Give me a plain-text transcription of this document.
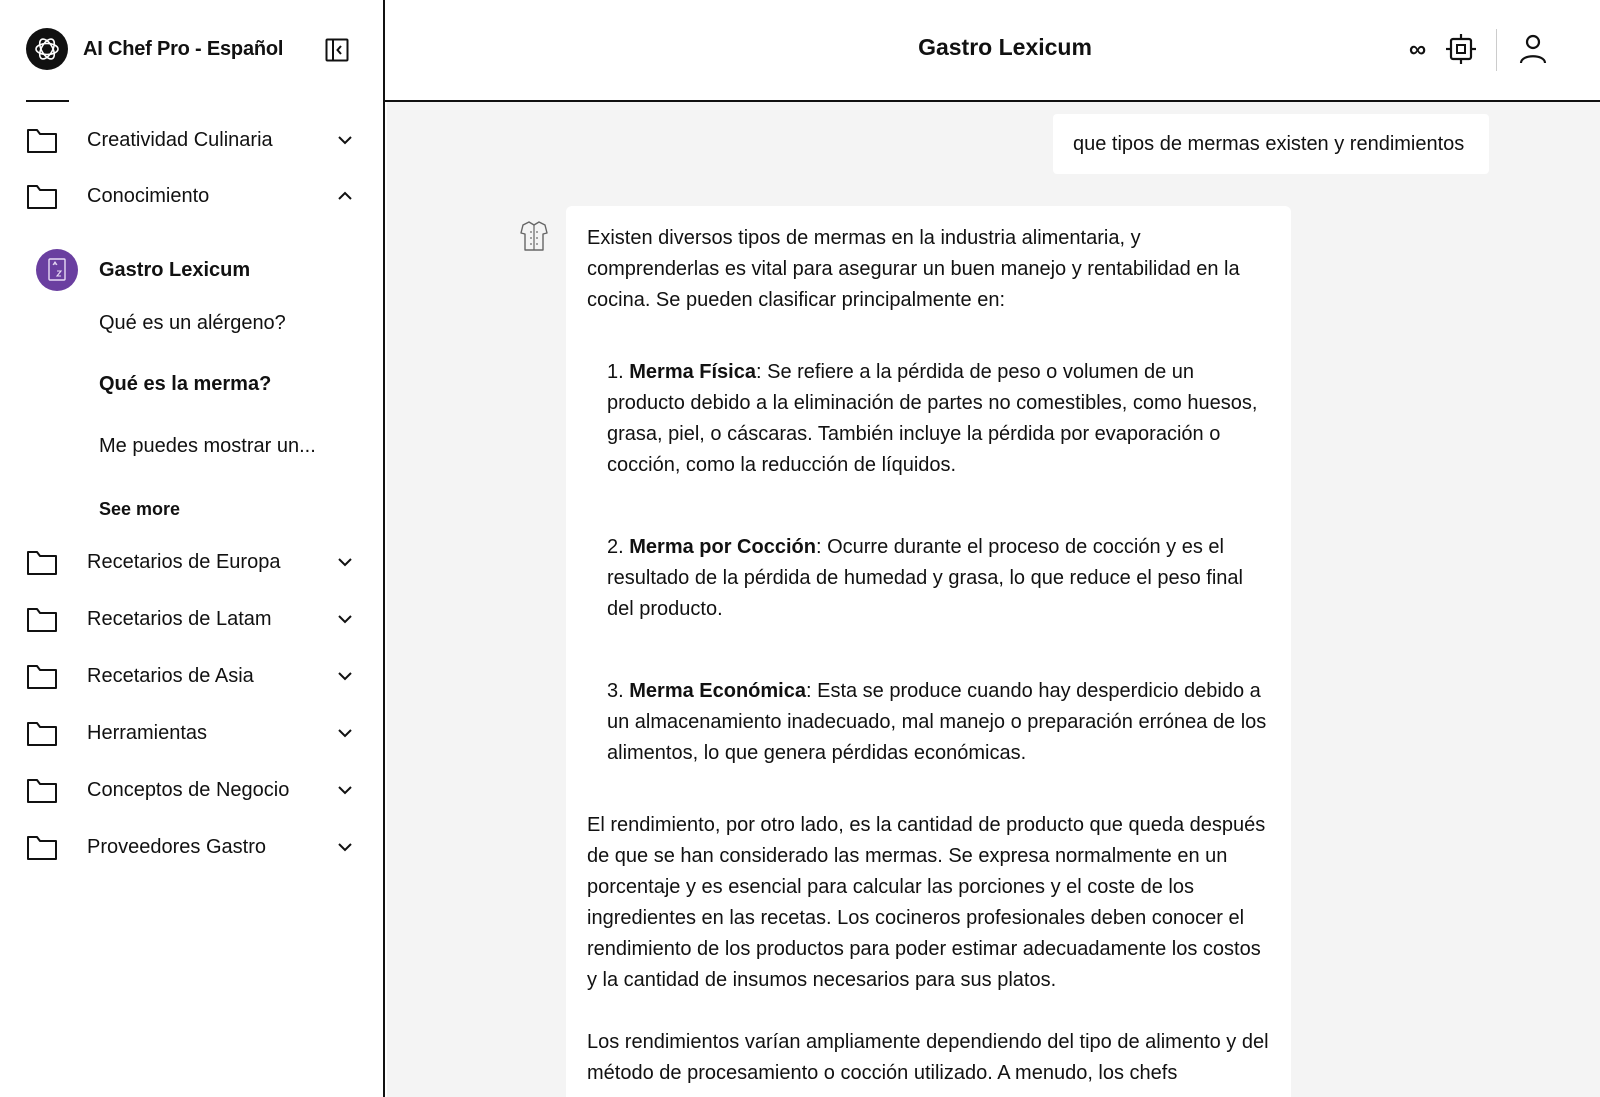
AI Chef Pro - Español
Creatividad Culinaria
Conocimiento
Gastro Lexicum
Qué es un alérgeno?
Qué es la merma?
Me puedes mostrar un...
See more
Recetarios de Europa
Recetarios de Latam
Recetarios de Asia
Herramientas
Conceptos de Negocio
Proveedores Gastro
Gastro Lexicum	∞
que tipos de mermas existen y rendimientos

Existen diversos tipos de mermas en la industria alimentaria, y comprenderlas es vital para asegurar un buen manejo y rentabilidad en la cocina. Se pueden clasificar principalmente en:

1. Merma Física: Se refiere a la pérdida de peso o volumen de un producto debido a la eliminación de partes no comestibles, como huesos, grasa, piel, o cáscaras. También incluye la pérdida por evaporación o cocción, como la reducción de líquidos.
2. Merma por Cocción: Ocurre durante el proceso de cocción y es el resultado de la pérdida de humedad y grasa, lo que reduce el peso final del producto.
3. Merma Económica: Esta se produce cuando hay desperdicio debido a un almacenamiento inadecuado, mal manejo o preparación errónea de los alimentos, lo que genera pérdidas económicas.

El rendimiento, por otro lado, es la cantidad de producto que queda después de que se han considerado las mermas. Se expresa normalmente en un porcentaje y es esencial para calcular las porciones y el coste de los ingredientes en las recetas. Los cocineros profesionales deben conocer el rendimiento de los productos para poder estimar adecuadamente los costos y la cantidad de insumos necesarios para sus platos.

Los rendimientos varían ampliamente dependiendo del tipo de alimento y del método de procesamiento o cocción utilizado. A menudo, los chefs
